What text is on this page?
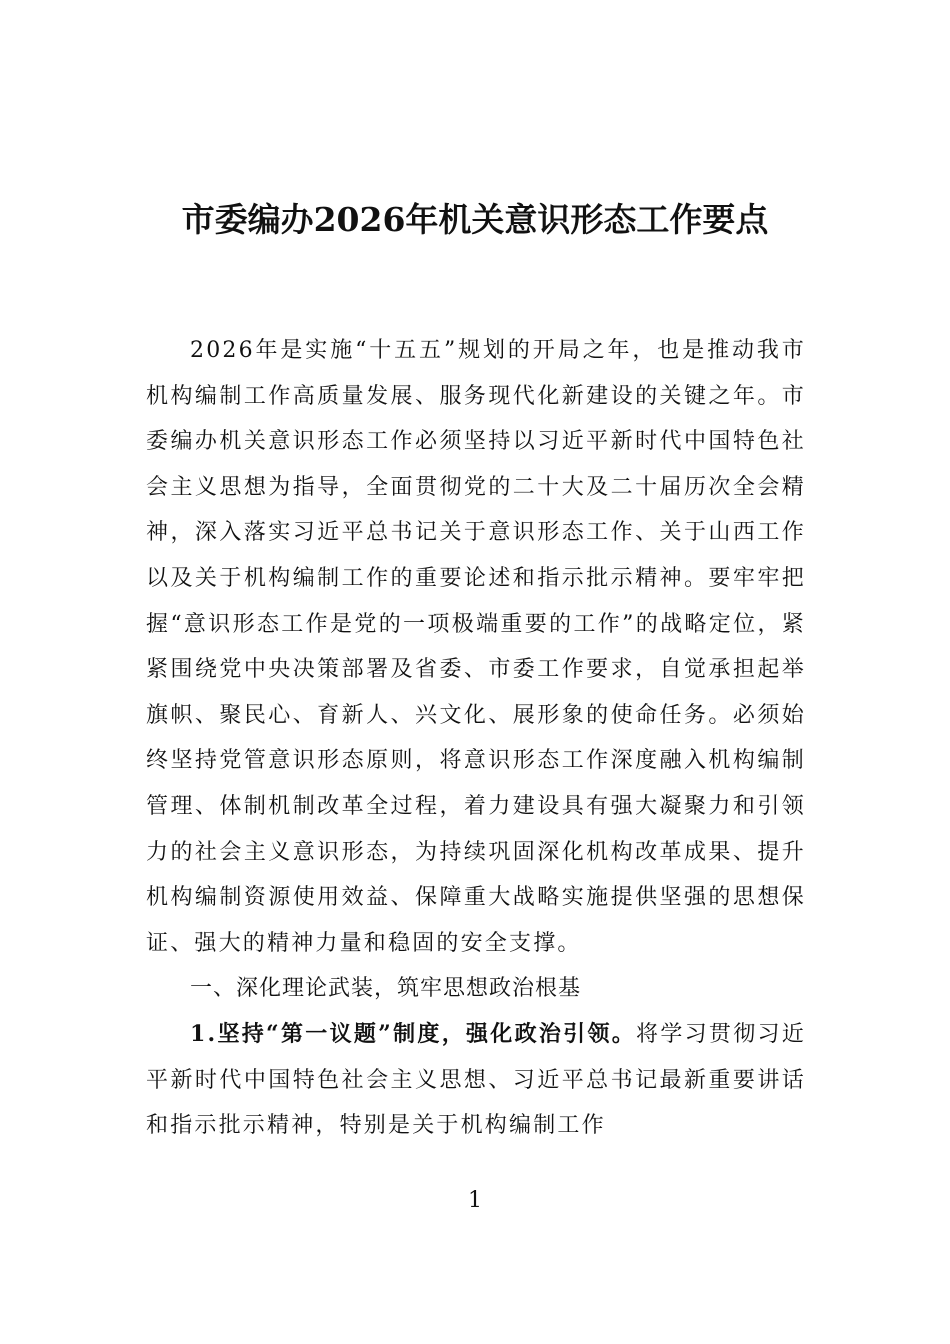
市委编办2026年机关意识形态工作要点

2026年是实施“十五五”规划的开局之年，也是推动我市机构编制工作高质量发展、服务现代化新建设的关键之年。市委编办机关意识形态工作必须坚持以习近平新时代中国特色社会主义思想为指导，全面贯彻党的二十大及二十届历次全会精神，深入落实习近平总书记关于意识形态工作、关于山西工作以及关于机构编制工作的重要论述和指示批示精神。要牢牢把握“意识形态工作是党的一项极端重要的工作”的战略定位，紧紧围绕党中央决策部署及省委、市委工作要求，自觉承担起举旗帜、聚民心、育新人、兴文化、展形象的使命任务。必须始终坚持党管意识形态原则，将意识形态工作深度融入机构编制管理、体制机制改革全过程，着力建设具有强大凝聚力和引领力的社会主义意识形态，为持续巩固深化机构改革成果、提升机构编制资源使用效益、保障重大战略实施提供坚强的思想保证、强大的精神力量和稳固的安全支撑。

一、深化理论武装，筑牢思想政治根基

1.坚持“第一议题”制度，强化政治引领。将学习贯彻习近平新时代中国特色社会主义思想、习近平总书记最新重要讲话和指示批示精神，特别是关于机构编制工作

1
